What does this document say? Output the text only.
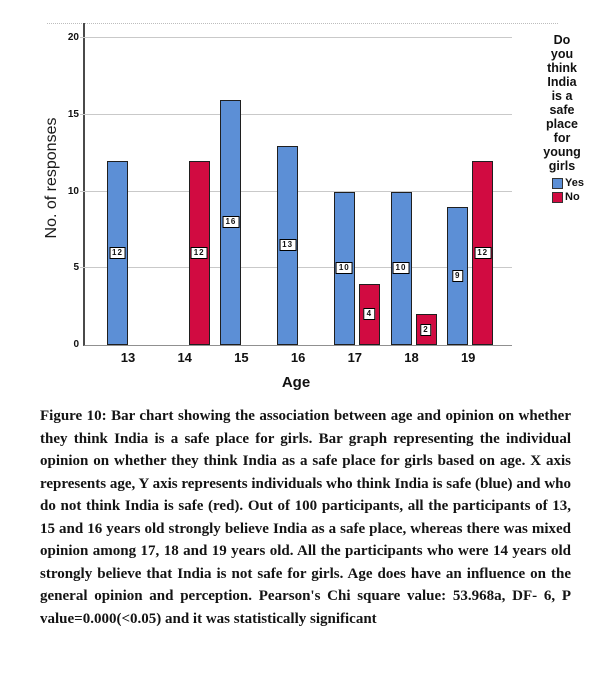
No. of responses
0
5
10
15
20
12	12
16
13
10
4
10
2
9
12
13	14	15	16	17	18	19
Age
Do
you
think
India
is a
safe
place
for
young
girls
Yes
No
Figure 10: Bar chart showing the association between age and opinion on whether they think India is a safe place for girls. Bar graph representing the individual opinion on whether they think India as a safe place for girls based on age. X axis represents age, Y axis represents individuals who think India is safe (blue) and who do not think India is safe (red). Out of 100 participants, all the participants of 13, 15 and 16 years old strongly believe India as a safe place, whereas there was mixed opinion among 17, 18 and 19 years old. All the participants who were 14 years old strongly believe that India is not safe for girls. Age does have an influence on the general opinion and perception. Pearson's Chi square value: 53.968a, DF- 6, P value=0.000(<0.05) and it was statistically significant
